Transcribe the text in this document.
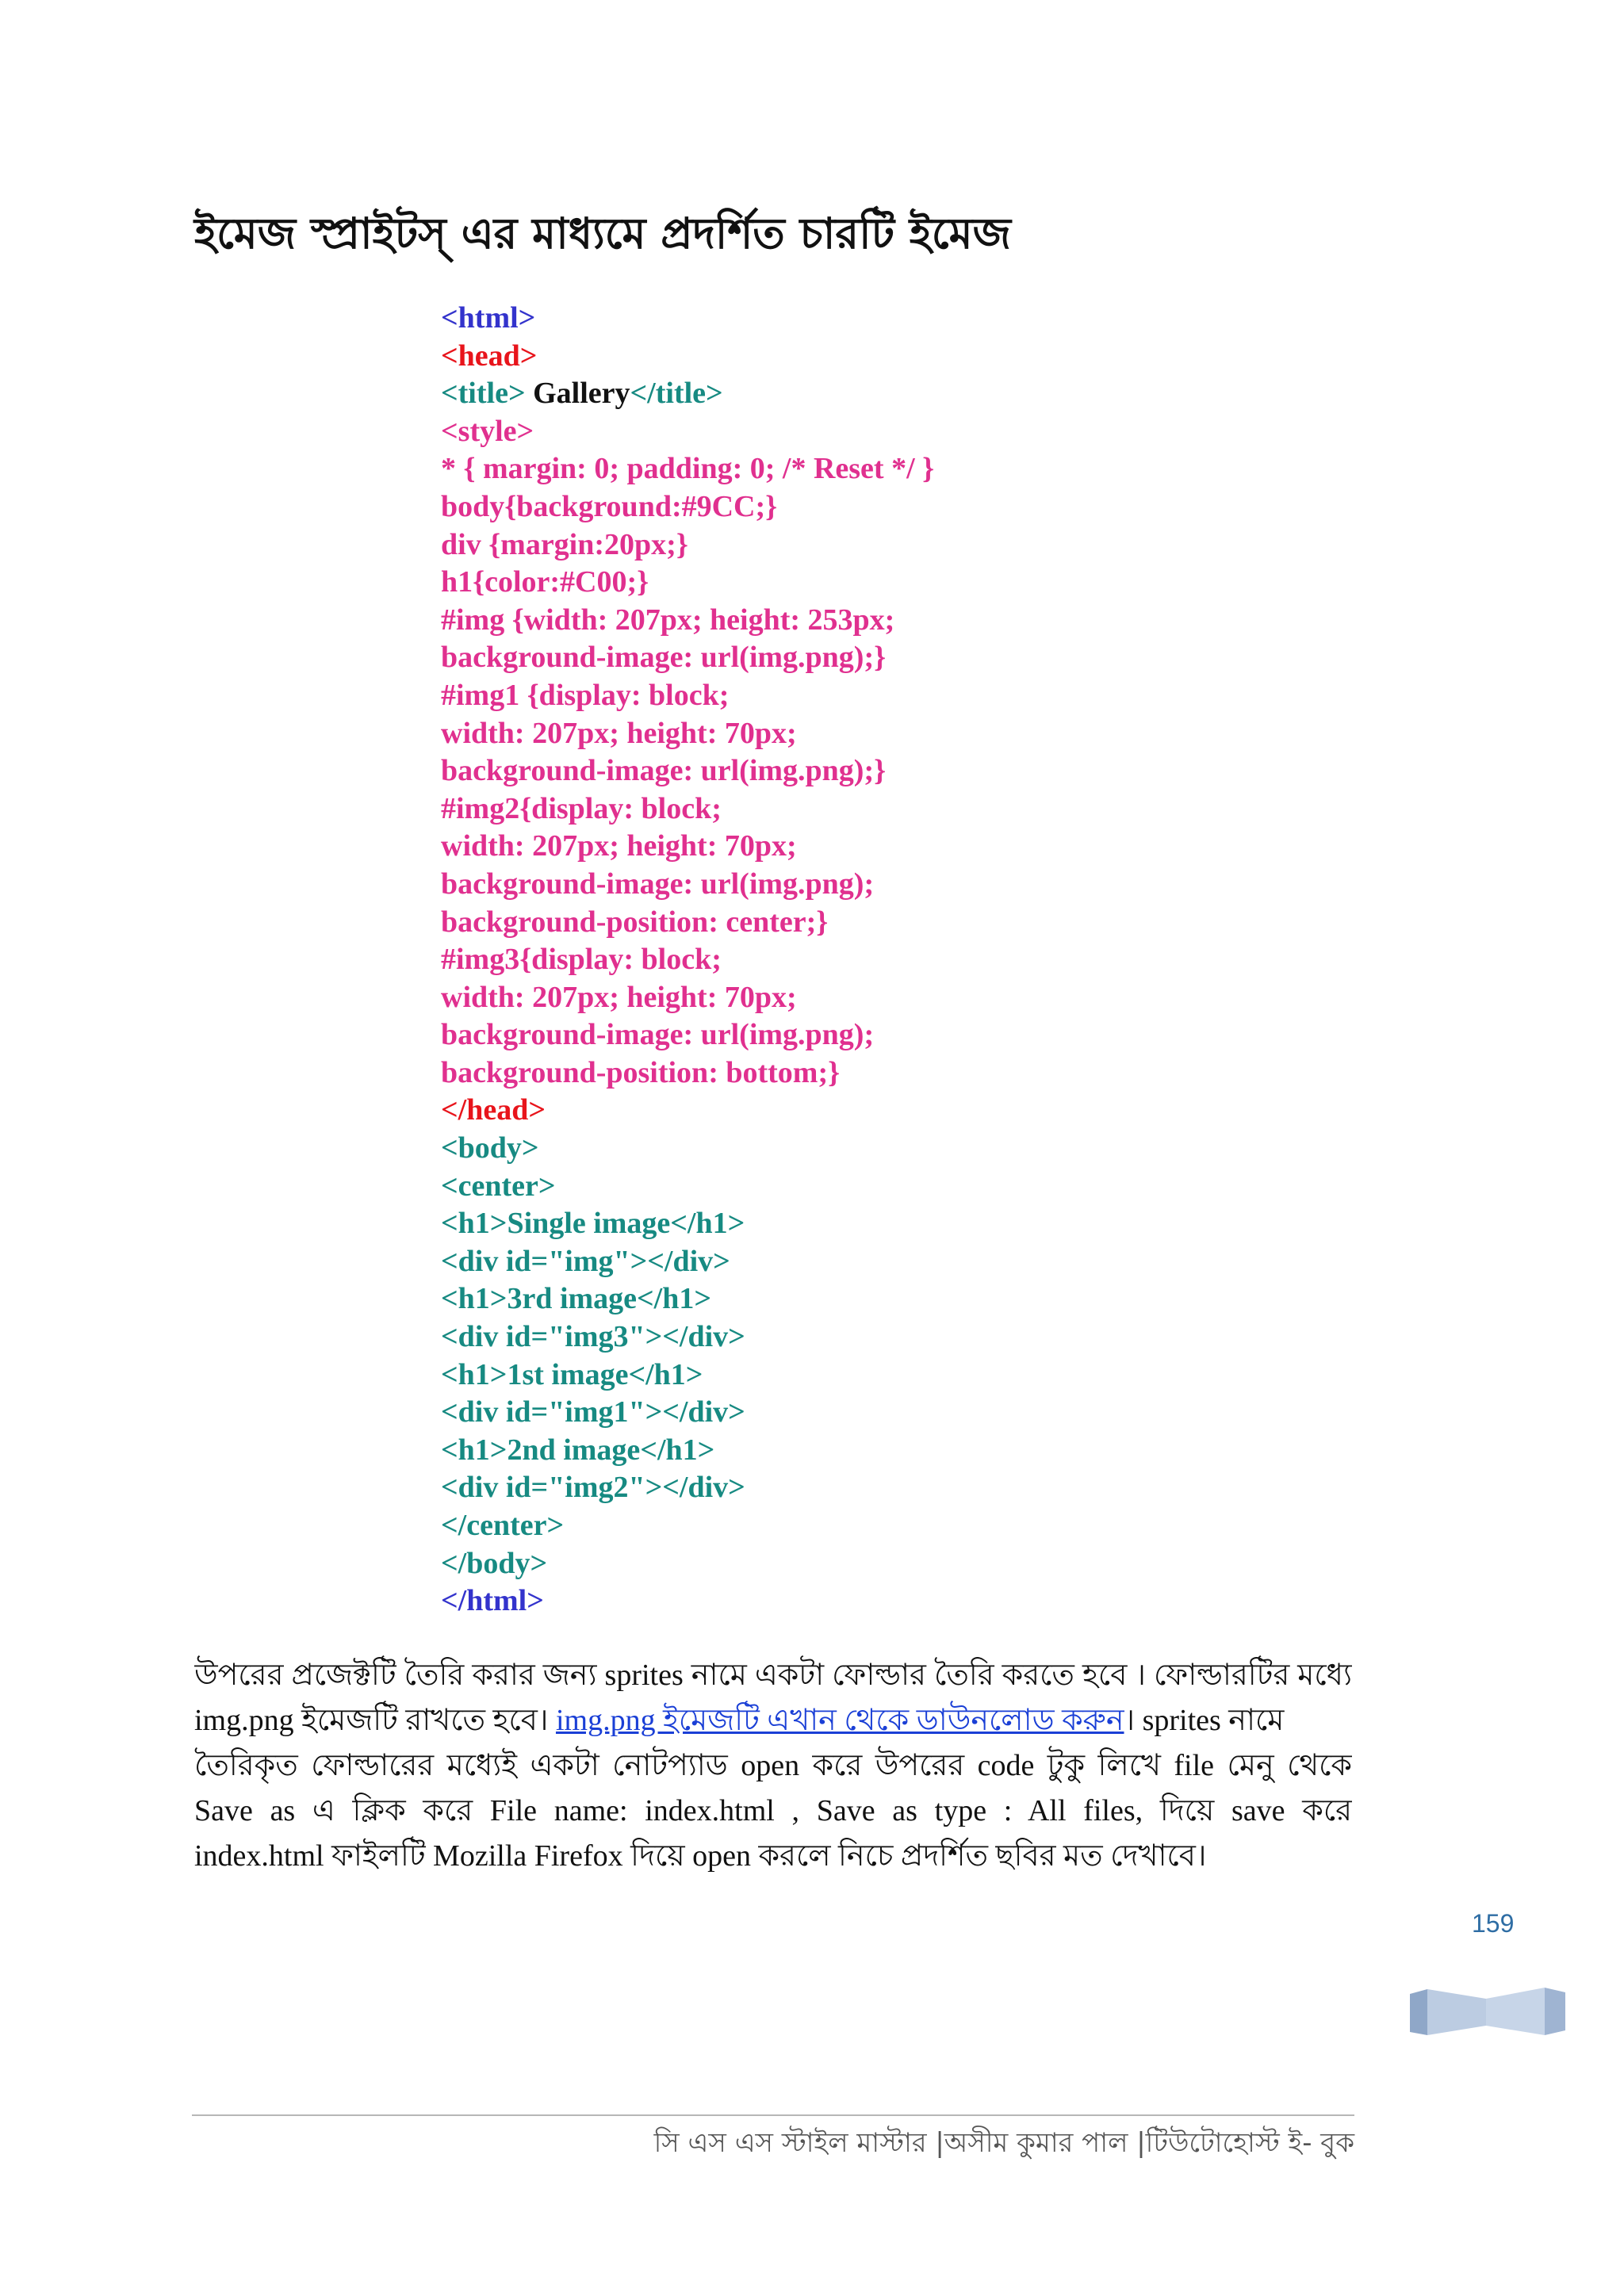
ইমেজ স্প্রাইটস্ এর মাধ্যমে প্রদর্শিত চারটি ইমেজ
<html>
<head>
<title> Gallery</title>
<style>
* { margin: 0; padding: 0; /* Reset */ }
body{background:#9CC;}
div {margin:20px;}
h1{color:#C00;}
#img {width: 207px; height: 253px;
background-image: url(img.png);}
#img1 {display: block;
width: 207px; height: 70px;
background-image: url(img.png);}
#img2{display: block;
width: 207px; height: 70px;
background-image: url(img.png);
background-position: center;}
#img3{display: block;
width: 207px; height: 70px;
background-image: url(img.png);
background-position: bottom;}
</head>
<body>
<center>
<h1>Single image</h1>
<div id="img"></div>
<h1>3rd image</h1>
<div id="img3"></div>
<h1>1st image</h1>
<div id="img1"></div>
<h1>2nd image</h1>
<div id="img2"></div>
</center>
</body>
</html>
উপরের প্রজেক্টটি তৈরি করার জন্য sprites নামে একটা ফোল্ডার তৈরি করতে হবে । ফোল্ডারটির মধ্যে
img.png ইমেজটি রাখতে হবে। img.png ইমেজটি এখান থেকে ডাউনলোড করুন। sprites নামে
তৈরিকৃত ফোল্ডারের মধ্যেই একটা নোটপ্যাড open করে উপরের code টুকু লিখে file মেনু থেকে
Save as এ ক্লিক করে File name: index.html , Save as type : All files, দিয়ে save করে
index.html ফাইলটি Mozilla Firefox দিয়ে open করলে নিচে প্রদর্শিত ছবির মত দেখাবে।
159
সি এস এস স্টাইল মাস্টার |অসীম কুমার পাল |টিউটোহোস্ট ই- বুক
